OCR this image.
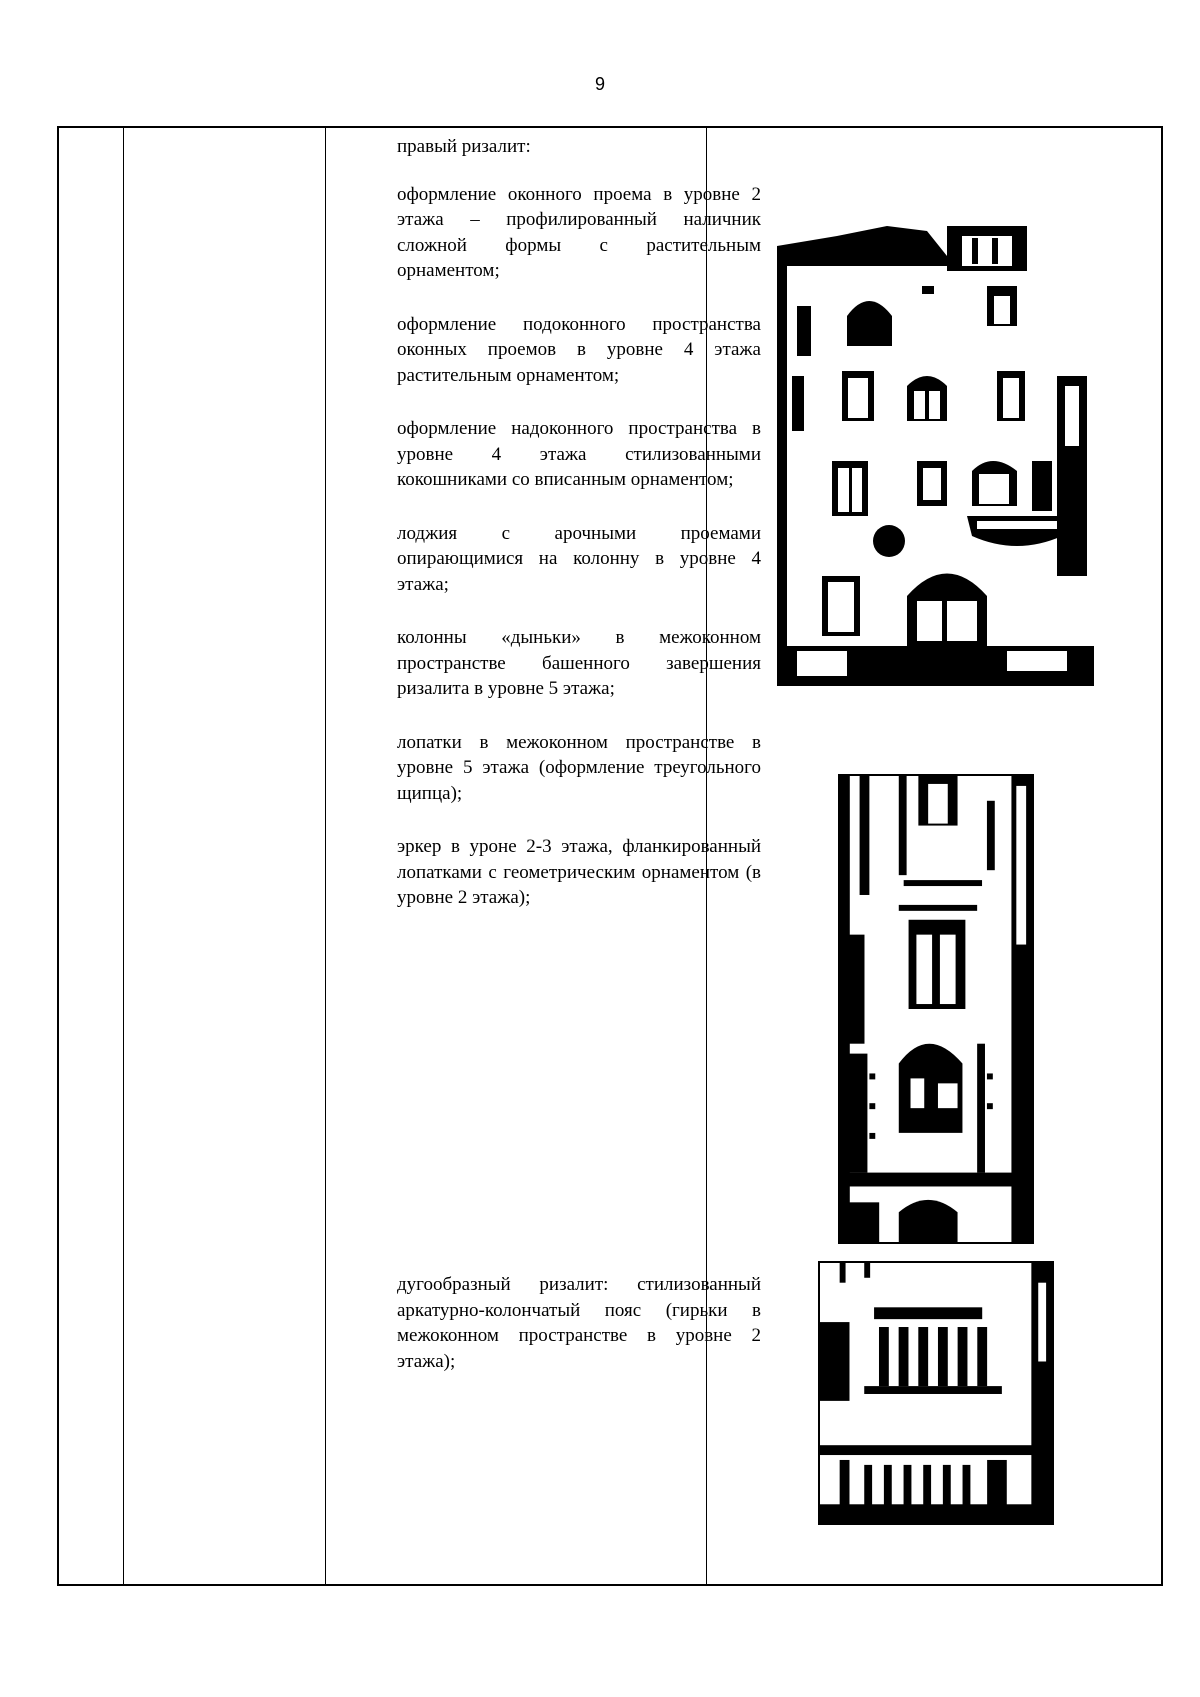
9

правый ризалит:

оформление оконного проема в уровне 2 этажа – профилированный наличник сложной формы с растительным орнаментом;

оформление подоконного пространства оконных проемов в уровне 4 этажа растительным орнаментом;

оформление надоконного пространства в уровне 4 этажа стилизованными кокошниками со вписанным орнаментом;

лоджия с арочными проемами опирающимися на колонну в уровне 4 этажа;

колонны «дыньки» в межоконном пространстве башенного завершения ризалита в уровне 5 этажа;

лопатки в межоконном пространстве в уровне 5 этажа (оформление треугольного щипца);

эркер в уроне 2-3 этажа, фланкированный лопатками с геометрическим орнаментом (в уровне 2 этажа);

дугообразный ризалит: стилизованный аркатурно-колончатый пояс (гирьки в межоконном пространстве в уровне 2 этажа);
